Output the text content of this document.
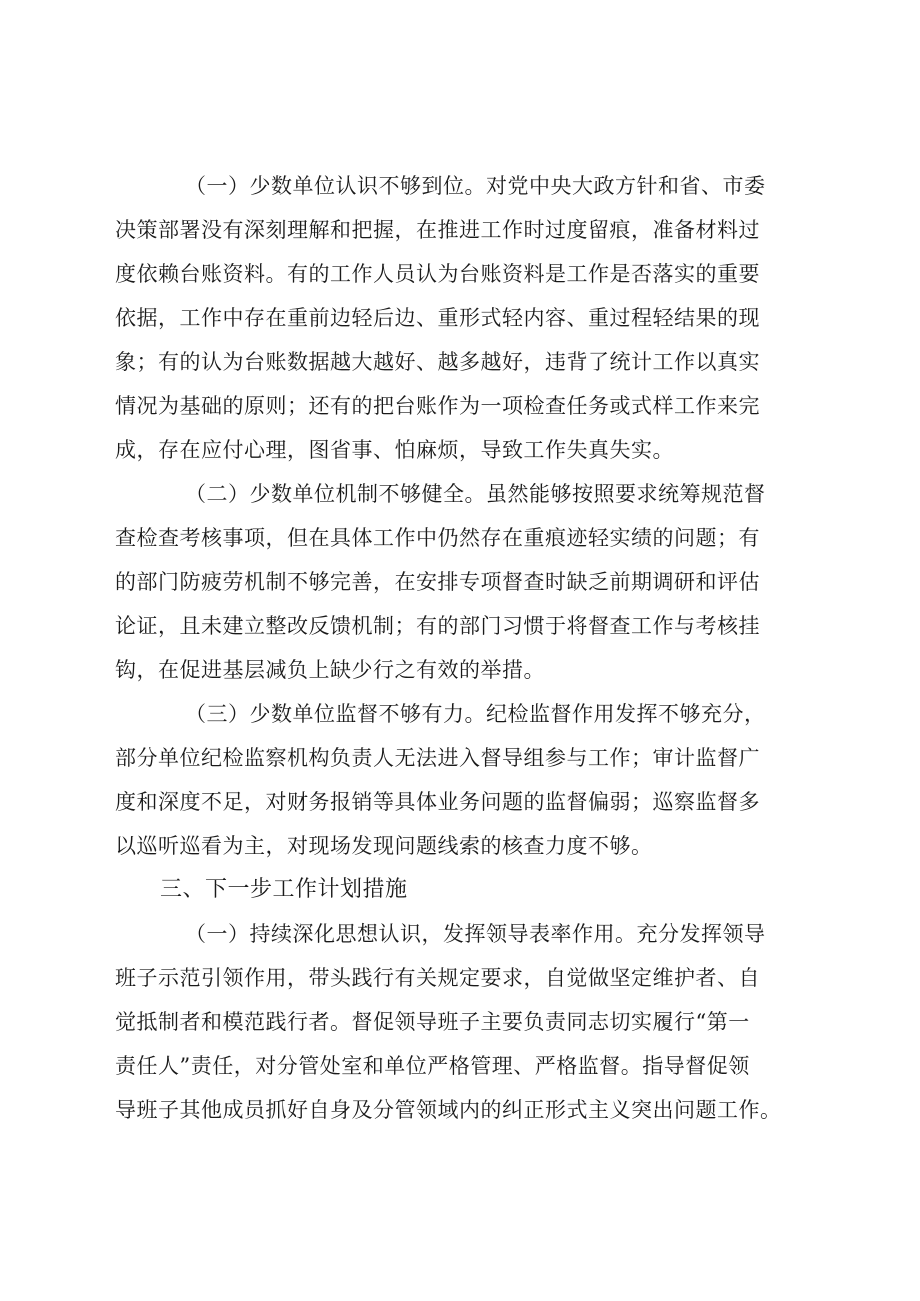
（一）少数单位认识不够到位。对党中央大政方针和省、市委
决策部署没有深刻理解和把握，在推进工作时过度留痕，准备材料过
度依赖台账资料。有的工作人员认为台账资料是工作是否落实的重要
依据，工作中存在重前边轻后边、重形式轻内容、重过程轻结果的现
象；有的认为台账数据越大越好、越多越好，违背了统计工作以真实
情况为基础的原则；还有的把台账作为一项检查任务或式样工作来完
成，存在应付心理，图省事、怕麻烦，导致工作失真失实。
（二）少数单位机制不够健全。虽然能够按照要求统筹规范督
查检查考核事项，但在具体工作中仍然存在重痕迹轻实绩的问题；有
的部门防疲劳机制不够完善，在安排专项督查时缺乏前期调研和评估
论证，且未建立整改反馈机制；有的部门习惯于将督查工作与考核挂
钩，在促进基层减负上缺少行之有效的举措。
（三）少数单位监督不够有力。纪检监督作用发挥不够充分，
部分单位纪检监察机构负责人无法进入督导组参与工作；审计监督广
度和深度不足，对财务报销等具体业务问题的监督偏弱；巡察监督多
以巡听巡看为主，对现场发现问题线索的核查力度不够。
三、下一步工作计划措施
（一）持续深化思想认识，发挥领导表率作用。充分发挥领导
班子示范引领作用，带头践行有关规定要求，自觉做坚定维护者、自
觉抵制者和模范践行者。督促领导班子主要负责同志切实履行“第一
责任人”责任，对分管处室和单位严格管理、严格监督。指导督促领
导班子其他成员抓好自身及分管领域内的纠正形式主义突出问题工作。
